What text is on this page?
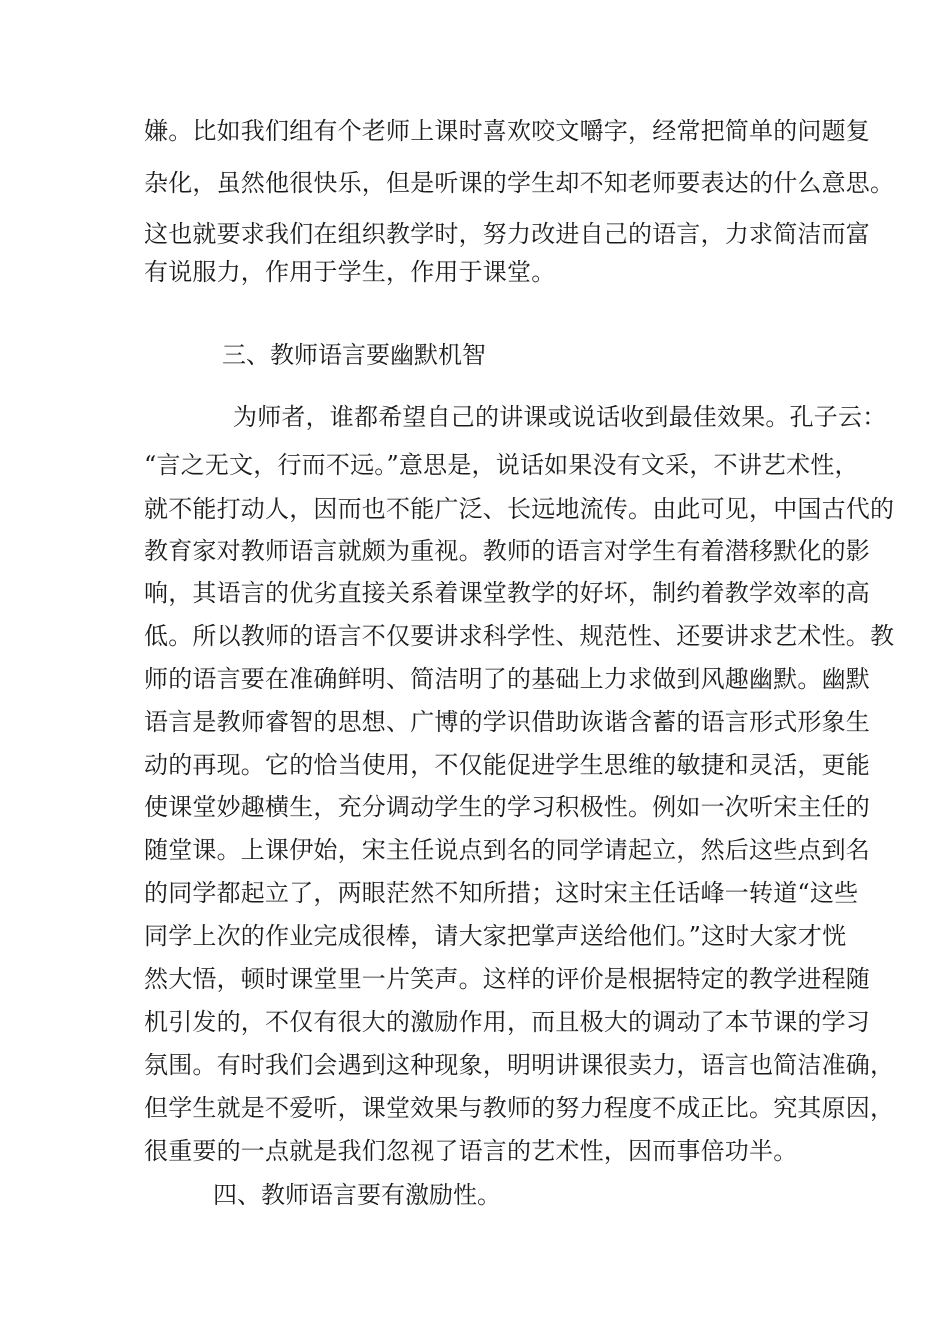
嫌。比如我们组有个老师上课时喜欢咬文嚼字，经常把简单的问题复
杂化，虽然他很快乐，但是听课的学生却不知老师要表达的什么意思。
这也就要求我们在组织教学时，努力改进自己的语言，力求简洁而富
有说服力，作用于学生，作用于课堂。
三、教师语言要幽默机智
为师者，谁都希望自己的讲课或说话收到最佳效果。孔子云：
“言之无文，行而不远。”意思是，说话如果没有文采，不讲艺术性，
就不能打动人，因而也不能广泛、长远地流传。由此可见，中国古代的
教育家对教师语言就颇为重视。教师的语言对学生有着潜移默化的影
响，其语言的优劣直接关系着课堂教学的好坏，制约着教学效率的高
低。所以教师的语言不仅要讲求科学性、规范性、还要讲求艺术性。教
师的语言要在准确鲜明、简洁明了的基础上力求做到风趣幽默。幽默
语言是教师睿智的思想、广博的学识借助诙谐含蓄的语言形式形象生
动的再现。它的恰当使用，不仅能促进学生思维的敏捷和灵活，更能
使课堂妙趣横生，充分调动学生的学习积极性。例如一次听宋主任的
随堂课。上课伊始，宋主任说点到名的同学请起立，然后这些点到名
的同学都起立了，两眼茫然不知所措；这时宋主任话峰一转道“这些
同学上次的作业完成很棒，请大家把掌声送给他们。”这时大家才恍
然大悟，顿时课堂里一片笑声。这样的评价是根据特定的教学进程随
机引发的，不仅有很大的激励作用，而且极大的调动了本节课的学习
氛围。有时我们会遇到这种现象，明明讲课很卖力，语言也简洁准确，
但学生就是不爱听，课堂效果与教师的努力程度不成正比。究其原因，
很重要的一点就是我们忽视了语言的艺术性，因而事倍功半。
四、教师语言要有激励性。
